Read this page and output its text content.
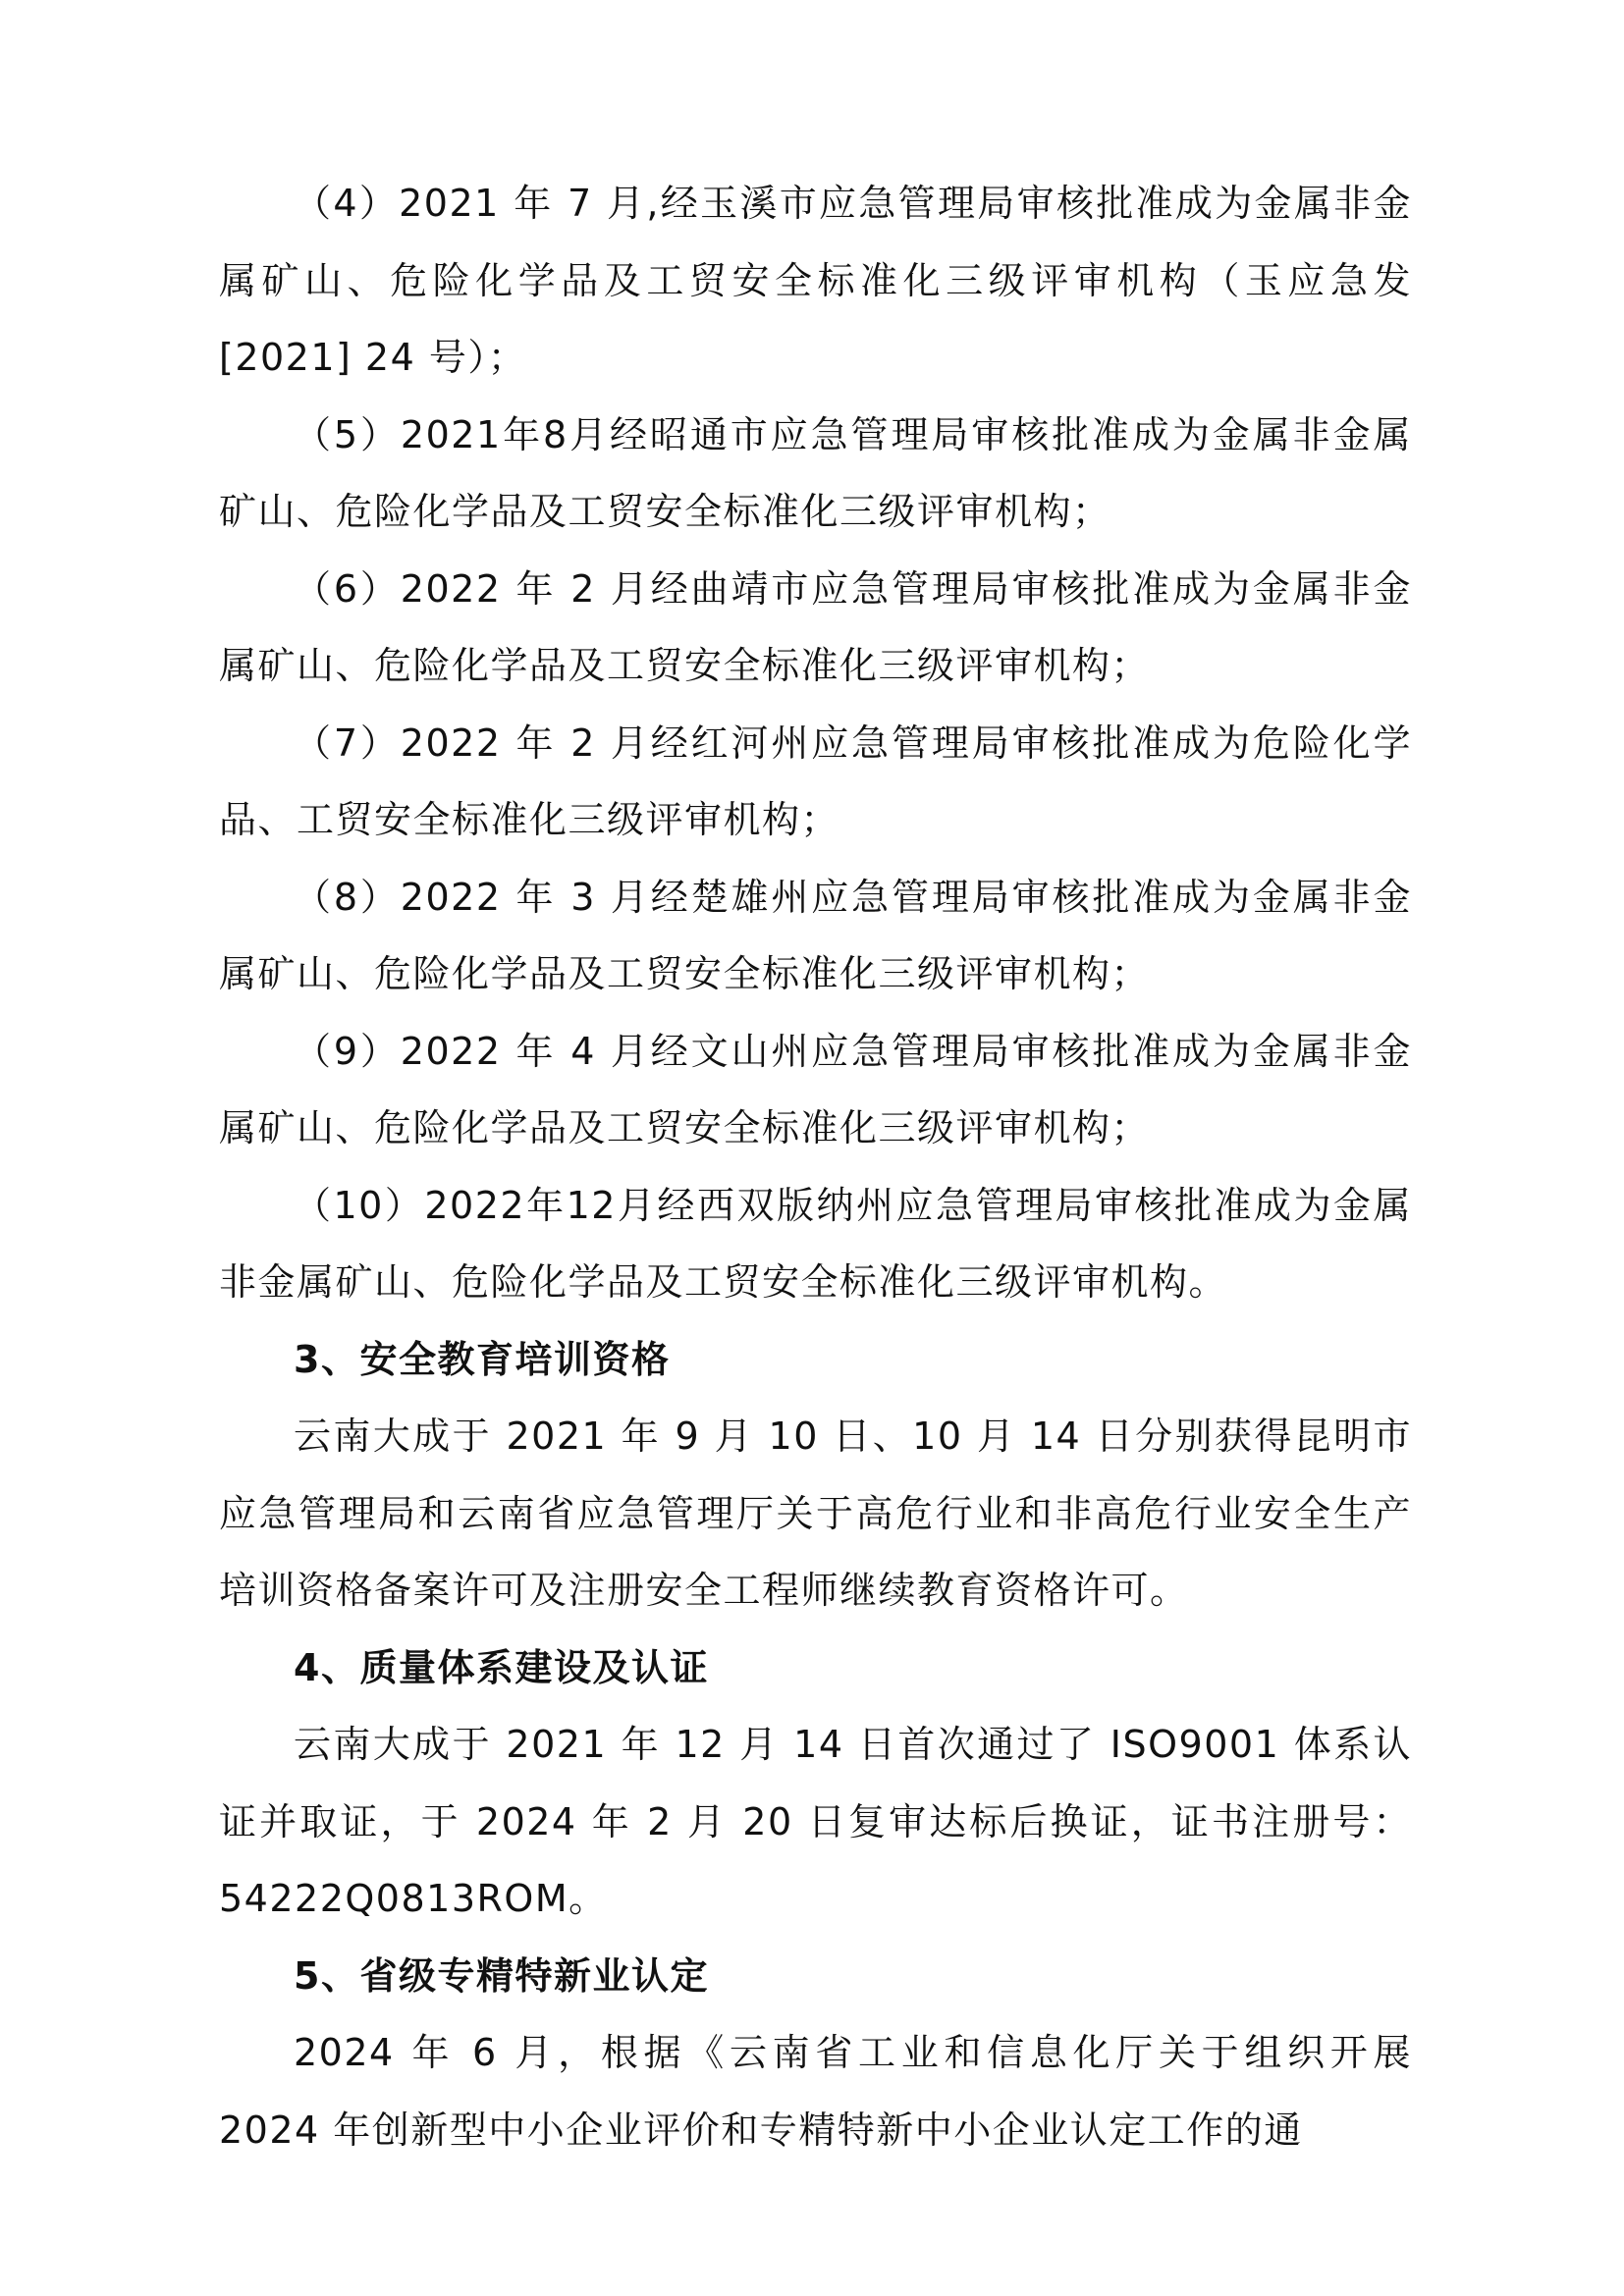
（4）2021 年 7 月,经玉溪市应急管理局审核批准成为金属非金属矿山、危险化学品及工贸安全标准化三级评审机构（玉应急发[2021] 24 号）；

（5）2021年8月经昭通市应急管理局审核批准成为金属非金属矿山、危险化学品及工贸安全标准化三级评审机构；

（6）2022 年 2 月经曲靖市应急管理局审核批准成为金属非金属矿山、危险化学品及工贸安全标准化三级评审机构；

（7）2022 年 2 月经红河州应急管理局审核批准成为危险化学品、工贸安全标准化三级评审机构；

（8）2022 年 3 月经楚雄州应急管理局审核批准成为金属非金属矿山、危险化学品及工贸安全标准化三级评审机构；

（9）2022 年 4 月经文山州应急管理局审核批准成为金属非金属矿山、危险化学品及工贸安全标准化三级评审机构；

（10）2022年12月经西双版纳州应急管理局审核批准成为金属非金属矿山、危险化学品及工贸安全标准化三级评审机构。

3、安全教育培训资格

云南大成于 2021 年 9 月 10 日、10 月 14 日分别获得昆明市应急管理局和云南省应急管理厅关于高危行业和非高危行业安全生产培训资格备案许可及注册安全工程师继续教育资格许可。

4、质量体系建设及认证

云南大成于 2021 年 12 月 14 日首次通过了 ISO9001 体系认证并取证，于 2024 年 2 月 20 日复审达标后换证，证书注册号：54222Q0813ROM。

5、省级专精特新业认定

2024 年 6 月，根据《云南省工业和信息化厅关于组织开展2024 年创新型中小企业评价和专精特新中小企业认定工作的通
